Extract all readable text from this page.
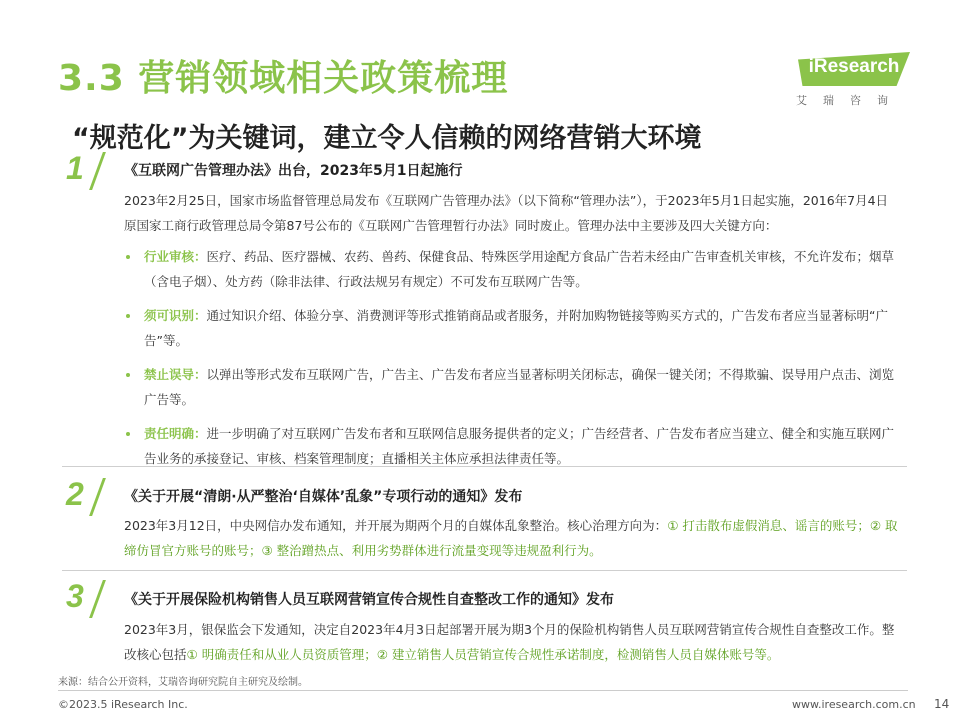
3.3 营销领域相关政策梳理	iResearch
艾瑞咨询
“规范化”为关键词，建立令人信赖的网络营销大环境
1	《互联网广告管理办法》出台，2023年5月1日起施行

2023年2月25日，国家市场监督管理总局发布《互联网广告管理办法》（以下简称“管理办法”），于2023年5月1日起实施，2016年7月4日原国家工商行政管理总局令第87号公布的《互联网广告管理暂行办法》同时废止。管理办法中主要涉及四大关键方向：

行业审核：医疗、药品、医疗器械、农药、兽药、保健食品、特殊医学用途配方食品广告若未经由广告审查机关审核，不允许发布；烟草（含电子烟）、处方药（除非法律、行政法规另有规定）不可发布互联网广告等。
须可识别：通过知识介绍、体验分享、消费测评等形式推销商品或者服务，并附加购物链接等购买方式的，广告发布者应当显著标明“广告”等。
禁止误导：以弹出等形式发布互联网广告，广告主、广告发布者应当显著标明关闭标志，确保一键关闭；不得欺骗、误导用户点击、浏览广告等。
责任明确：进一步明确了对互联网广告发布者和互联网信息服务提供者的定义；广告经营者、广告发布者应当建立、健全和实施互联网广告业务的承接登记、审核、档案管理制度；直播相关主体应承担法律责任等。
2	《关于开展“清朗·从严整治‘自媒体’乱象”专项行动的通知》发布

2023年3月12日，中央网信办发布通知，并开展为期两个月的自媒体乱象整治。核心治理方向为：① 打击散布虚假消息、谣言的账号；② 取缔仿冒官方账号的账号；③ 整治蹭热点、利用劣势群体进行流量变现等违规盈利行为。

3	《关于开展保险机构销售人员互联网营销宣传合规性自查整改工作的通知》发布

2023年3月，银保监会下发通知，决定自2023年4月3日起部署开展为期3个月的保险机构销售人员互联网营销宣传合规性自查整改工作。整改核心包括① 明确责任和从业人员资质管理；② 建立销售人员营销宣传合规性承诺制度，检测销售人员自媒体账号等。

来源：结合公开资料，艾瑞咨询研究院自主研究及绘制。
©2023.5 iResearch Inc.	www.iresearch.com.cn 14
